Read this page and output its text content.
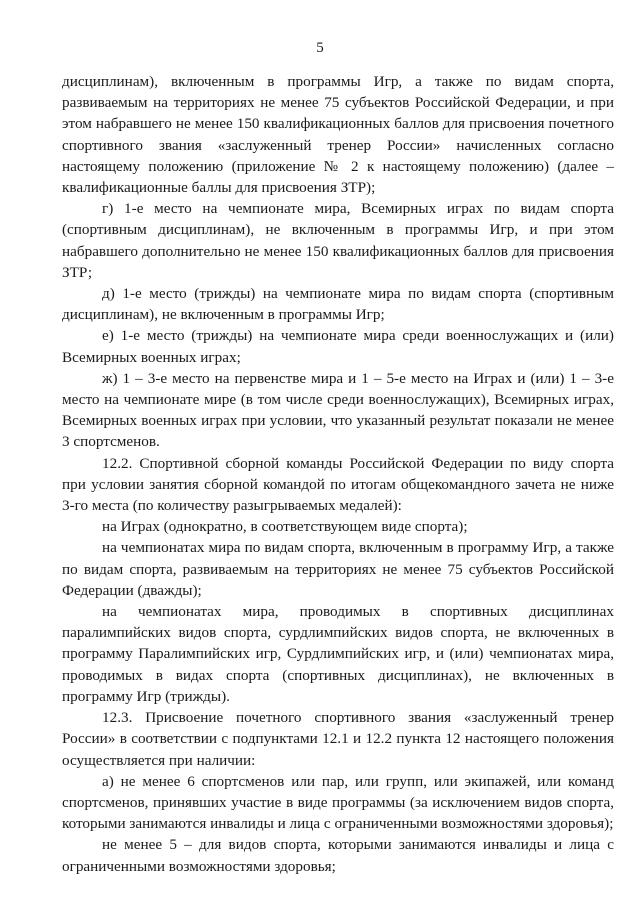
5

дисциплинам), включенным в программы Игр, а также по видам спорта, развиваемым на территориях не менее 75 субъектов Российской Федерации, и при этом набравшего не менее 150 квалификационных баллов для присвоения почетного спортивного звания «заслуженный тренер России» начисленных согласно настоящему положению (приложение № 2 к настоящему положению) (далее – квалификационные баллы для присвоения ЗТР);

г) 1-е место на чемпионате мира, Всемирных играх по видам спорта (спортивным дисциплинам), не включенным в программы Игр, и при этом набравшего дополнительно не менее 150 квалификационных баллов для присвоения ЗТР;

д) 1-е место (трижды) на чемпионате мира по видам спорта (спортивным дисциплинам), не включенным в программы Игр;

е) 1-е место (трижды) на чемпионате мира среди военнослужащих и (или) Всемирных военных играх;

ж) 1 – 3-е место на первенстве мира и 1 – 5-е место на Играх и (или) 1 – 3-е место на чемпионате мире (в том числе среди военнослужащих), Всемирных играх, Всемирных военных играх при условии, что указанный результат показали не менее 3 спортсменов.

12.2. Спортивной сборной команды Российской Федерации по виду спорта при условии занятия сборной командой по итогам общекомандного зачета не ниже 3-го места (по количеству разыгрываемых медалей):

на Играх (однократно, в соответствующем виде спорта);

на чемпионатах мира по видам спорта, включенным в программу Игр, а также по видам спорта, развиваемым на территориях не менее 75 субъектов Российской Федерации (дважды);

на чемпионатах мира, проводимых в спортивных дисциплинах паралимпийских видов спорта, сурдлимпийских видов спорта, не включенных в программу Паралимпийских игр, Сурдлимпийских игр, и (или) чемпионатах мира, проводимых в видах спорта (спортивных дисциплинах), не включенных в программу Игр (трижды).

12.3. Присвоение почетного спортивного звания «заслуженный тренер России» в соответствии с подпунктами 12.1 и 12.2 пункта 12 настоящего положения осуществляется при наличии:

а) не менее 6 спортсменов или пар, или групп, или экипажей, или команд спортсменов, принявших участие в виде программы (за исключением видов спорта, которыми занимаются инвалиды и лица с ограниченными возможностями здоровья);

не менее 5 – для видов спорта, которыми занимаются инвалиды и лица с ограниченными возможностями здоровья;
